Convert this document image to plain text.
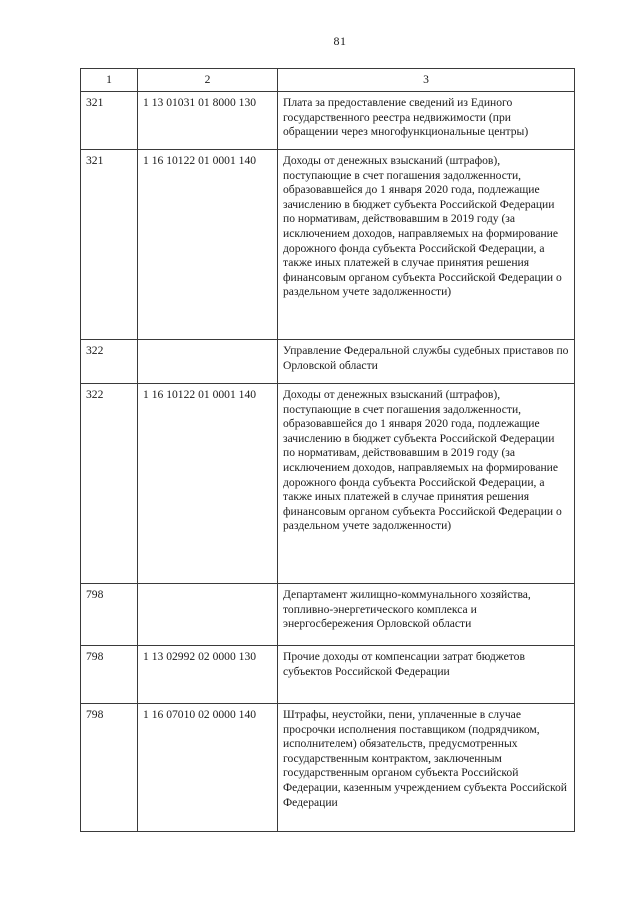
81
1	2	3
321	1 13 01031 01 8000 130	Плата за предоставление сведений из Единого государственного реестра недвижимости (при обращении через многофункциональные центры)
321	1 16 10122 01 0001 140	Доходы от денежных взысканий (штрафов), поступающие в счет погашения задолженности, образовавшейся до 1 января 2020 года, подлежащие зачислению в бюджет субъекта Российской Федерации по нормативам, действовавшим в 2019 году (за исключением доходов, направляемых на формирование дорожного фонда субъекта Российской Федерации, а также иных платежей в случае принятия решения финансовым органом субъекта Российской Федерации о раздельном учете задолженности)
322		Управление Федеральной службы судебных приставов по Орловской области
322	1 16 10122 01 0001 140	Доходы от денежных взысканий (штрафов), поступающие в счет погашения задолженности, образовавшейся до 1 января 2020 года, подлежащие зачислению в бюджет субъекта Российской Федерации по нормативам, действовавшим в 2019 году (за исключением доходов, направляемых на формирование дорожного фонда субъекта Российской Федерации, а также иных платежей в случае принятия решения финансовым органом субъекта Российской Федерации о раздельном учете задолженности)
798		Департамент жилищно-коммунального хозяйства, топливно-энергетического комплекса и энергосбережения Орловской области
798	1 13 02992 02 0000 130	Прочие доходы от компенсации затрат бюджетов субъектов Российской Федерации
798	1 16 07010 02 0000 140	Штрафы, неустойки, пени, уплаченные в случае просрочки исполнения поставщиком (подрядчиком, исполнителем) обязательств, предусмотренных государственным контрактом, заключенным государственным органом субъекта Российской Федерации, казенным учреждением субъекта Российской Федерации
